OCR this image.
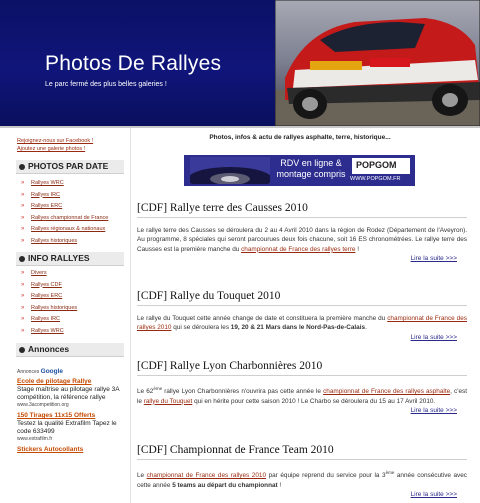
Photos De Rallyes
Le parc fermé des plus belles galeries !
Rejoignez-nous sur Facebook !
Ajoutez une galerie photos !
PHOTOS PAR DATE
» Rallyes WRC
» Rallyes IRC
» Rallyes ERC
» Rallyes championnat de France
» Rallyes régionaux & nationaux
» Rallyes historiques
INFO RALLYES
» Divers
» Rallyes CDF
» Rallyes ERC
» Rallyes historiques
» Rallyes IRC
» Rallyes WRC
Annonces
Annonces Google
Ecole de pilotage Rallye
Stage maîtrise au pilotage rallye 3A compétition, la référence rallye
www.3acompetition.org
150 Tirages 11x15 Offerts
Testez la qualité Extrafilm Tapez le code 633499
www.extrafilm.fr
Stickers Autocollants
Photos, infos & actu de rallyes asphalte, terre, historique...
RDV en ligne &
montage compris
POPGOM
WWW.POPGOM.FR
[CDF] Rallye terre des Causses 2010

Le rallye terre des Causses se déroulera du 2 au 4 Avril 2010 dans la région de Rodez (Département de l'Aveyron). Au programme, 8 spéciales qui seront parcourues deux fois chacune, soit 16 ES chronométrées. Le rallye terre des Causses est la première manche du championnat de France des rallyes terre !

Lire la suite >>>
[CDF] Rallye du Touquet 2010

Le rallye du Touquet cette année change de date et constituera la première manche du championnat de France des rallyes 2010 qui se déroulera les 19, 20 & 21 Mars dans le Nord-Pas-de-Calais.

Lire la suite >>>
[CDF] Rallye Lyon Charbonnières 2010

Le 62ème rallye Lyon Charbonnières n'ouvrira pas cette année le championnat de France des rallyes asphalte, c'est le rallye du Touquet qui en hérite pour cette saison 2010 ! Le Charbo se déroulera du 15 au 17 Avril 2010.

Lire la suite >>>
[CDF] Championnat de France Team 2010

Le championnat de France des rallyes 2010 par équipe reprend du service pour la 3ème année consécutive avec cette année 5 teams au départ du championnat !

Lire la suite >>>
